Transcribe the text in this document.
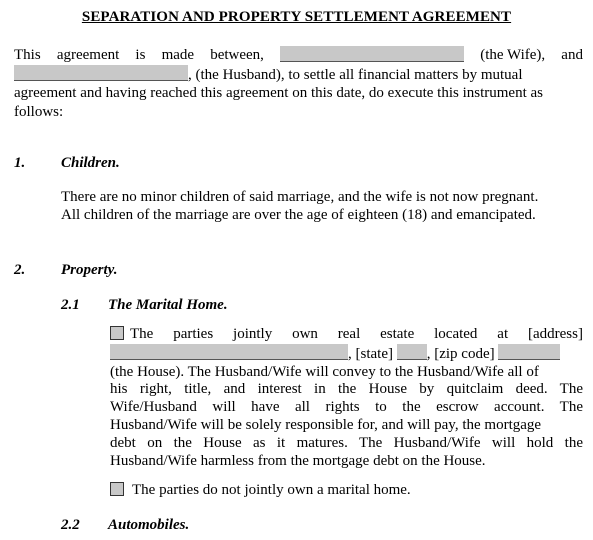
SEPARATION AND PROPERTY SETTLEMENT AGREEMENT
This agreement is made between,	(the Wife), and
, (the Husband), to settle all financial matters by mutual
agreement and having reached this agreement on this date, do execute this instrument as
follows:
1. Children.
There are no minor children of said marriage, and the wife is not now pregnant.
All children of the marriage are over the age of eighteen (18) and emancipated.
2. Property.
2.1 The Marital Home.
The parties jointly own real estate located at [address]
, [state] , [zip code]
(the House). The Husband/Wife will convey to the Husband/Wife all of
his right, title, and interest in the House by quitclaim deed. The
Wife/Husband will have all rights to the escrow account. The
Husband/Wife will be solely responsible for, and will pay, the mortgage
debt on the House as it matures. The Husband/Wife will hold the
Husband/Wife harmless from the mortgage debt on the House.
The parties do not jointly own a marital home.
2.2 Automobiles.
